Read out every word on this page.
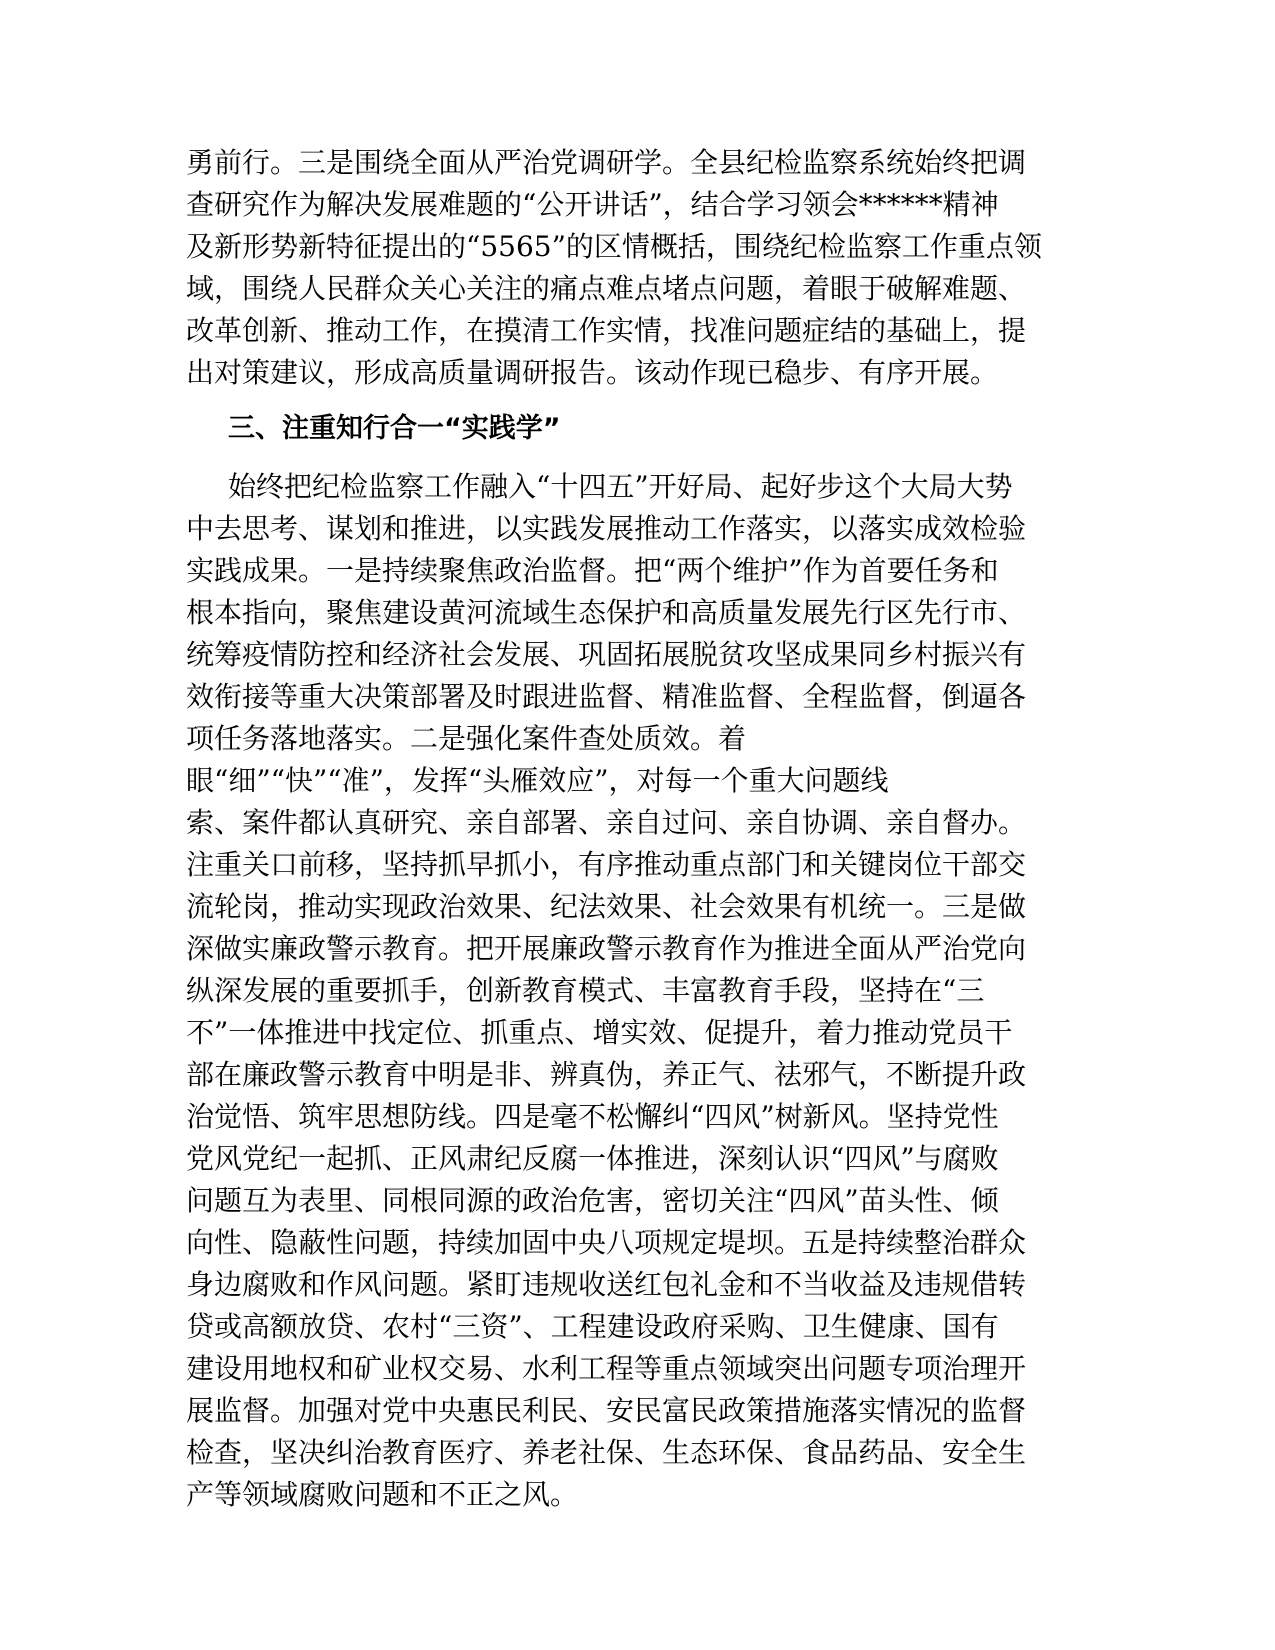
勇前行。三是围绕全面从严治党调研学。全县纪检监察系统始终把调

查研究作为解决发展难题的“公开讲话”，结合学习领会******精神

及新形势新特征提出的“5565”的区情概括，围绕纪检监察工作重点领

域，围绕人民群众关心关注的痛点难点堵点问题，着眼于破解难题、

改革创新、推动工作，在摸清工作实情，找准问题症结的基础上，提

出对策建议，形成高质量调研报告。该动作现已稳步、有序开展。

三、注重知行合一“实践学”

始终把纪检监察工作融入“十四五”开好局、起好步这个大局大势

中去思考、谋划和推进，以实践发展推动工作落实，以落实成效检验

实践成果。一是持续聚焦政治监督。把“两个维护”作为首要任务和

根本指向，聚焦建设黄河流域生态保护和高质量发展先行区先行市、

统筹疫情防控和经济社会发展、巩固拓展脱贫攻坚成果同乡村振兴有

效衔接等重大决策部署及时跟进监督、精准监督、全程监督，倒逼各

项任务落地落实。二是强化案件查处质效。着

眼“细”“快”“准”，发挥“头雁效应”，对每一个重大问题线

索、案件都认真研究、亲自部署、亲自过问、亲自协调、亲自督办。

注重关口前移，坚持抓早抓小，有序推动重点部门和关键岗位干部交

流轮岗，推动实现政治效果、纪法效果、社会效果有机统一。三是做

深做实廉政警示教育。把开展廉政警示教育作为推进全面从严治党向

纵深发展的重要抓手，创新教育模式、丰富教育手段，坚持在“三

不”一体推进中找定位、抓重点、增实效、促提升，着力推动党员干

部在廉政警示教育中明是非、辨真伪，养正气、祛邪气，不断提升政

治觉悟、筑牢思想防线。四是毫不松懈纠“四风”树新风。坚持党性

党风党纪一起抓、正风肃纪反腐一体推进，深刻认识“四风”与腐败

问题互为表里、同根同源的政治危害，密切关注“四风”苗头性、倾

向性、隐蔽性问题，持续加固中央八项规定堤坝。五是持续整治群众

身边腐败和作风问题。紧盯违规收送红包礼金和不当收益及违规借转

贷或高额放贷、农村“三资”、工程建设政府采购、卫生健康、国有

建设用地权和矿业权交易、水利工程等重点领域突出问题专项治理开

展监督。加强对党中央惠民利民、安民富民政策措施落实情况的监督

检查，坚决纠治教育医疗、养老社保、生态环保、食品药品、安全生

产等领域腐败问题和不正之风。
